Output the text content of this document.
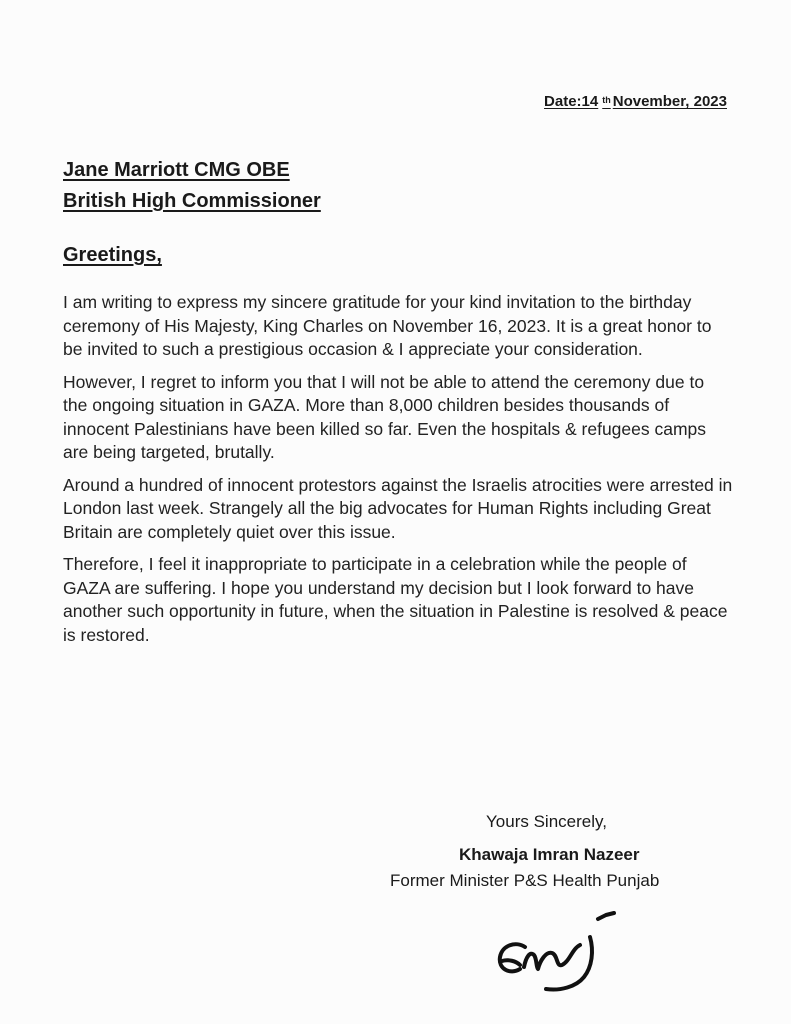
Date:14 $^{th}$ November, 2023
Jane Marriott CMG OBE
British High Commissioner
Greetings,

I am writing to express my sincere gratitude for your kind invitation to the birthday ceremony of His Majesty, King Charles on November 16, 2023. It is a great honor to be invited to such a prestigious occasion & I appreciate your consideration.

However, I regret to inform you that I will not be able to attend the ceremony due to the ongoing situation in GAZA. More than 8,000 children besides thousands of innocent Palestinians have been killed so far. Even the hospitals & refugees camps are being targeted, brutally.

Around a hundred of innocent protestors against the Israelis atrocities were arrested in London last week. Strangely all the big advocates for Human Rights including Great Britain are completely quiet over this issue.

Therefore, I feel it inappropriate to participate in a celebration while the people of GAZA are suffering. I hope you understand my decision but I look forward to have another such opportunity in future, when the situation in Palestine is resolved & peace is restored.

Yours Sincerely,
Khawaja Imran Nazeer
Former Minister P&S Health Punjab
